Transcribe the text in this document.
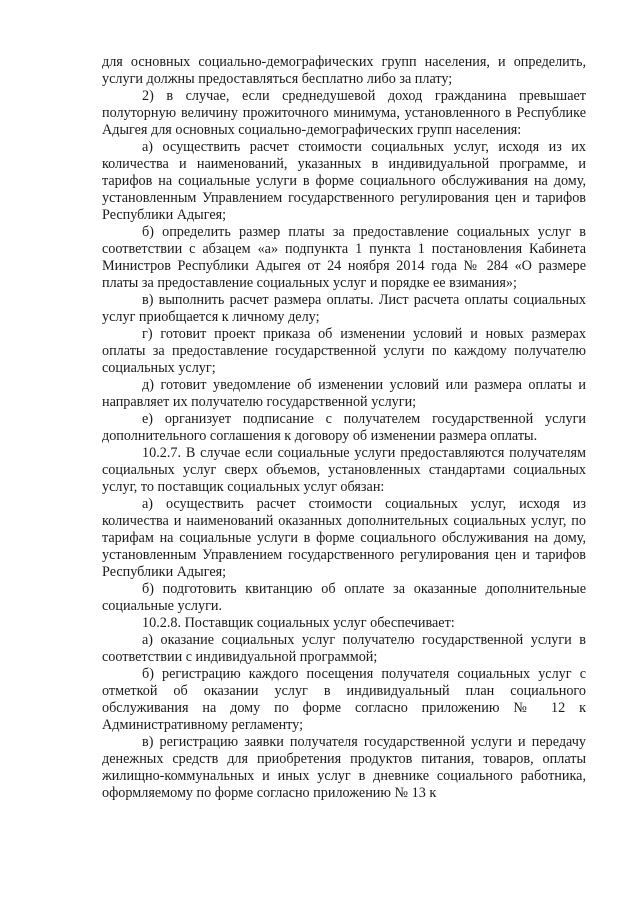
для основных социально-демографических групп населения, и определить, услуги должны предоставляться бесплатно либо за плату;

2) в случае, если среднедушевой доход гражданина превышает полуторную величину прожиточного минимума, установленного в Республике Адыгея для основных социально-демографических групп населения:

а) осуществить расчет стоимости социальных услуг, исходя из их количества и наименований, указанных в индивидуальной программе, и тарифов на социальные услуги в форме социального обслуживания на дому, установленным Управлением государственного регулирования цен и тарифов Республики Адыгея;

б) определить размер платы за предоставление социальных услуг в соответствии с абзацем «а» подпункта 1 пункта 1 постановления Кабинета Министров Республики Адыгея от 24 ноября 2014 года № 284 «О размере платы за предоставление социальных услуг и порядке ее взимания»;

в) выполнить расчет размера оплаты. Лист расчета оплаты социальных услуг приобщается к личному делу;

г) готовит проект приказа об изменении условий и новых размерах оплаты за предоставление государственной услуги по каждому получателю социальных услуг;

д) готовит уведомление об изменении условий или размера оплаты и направляет их получателю государственной услуги;

е) организует подписание с получателем государственной услуги дополнительного соглашения к договору об изменении размера оплаты.

10.2.7. В случае если социальные услуги предоставляются получателям социальных услуг сверх объемов, установленных стандартами социальных услуг, то поставщик социальных услуг обязан:

а) осуществить расчет стоимости социальных услуг, исходя из количества и наименований оказанных дополнительных социальных услуг, по тарифам на социальные услуги в форме социального обслуживания на дому, установленным Управлением государственного регулирования цен и тарифов Республики Адыгея;

б) подготовить квитанцию об оплате за оказанные дополнительные социальные услуги.

10.2.8. Поставщик социальных услуг обеспечивает:

а) оказание социальных услуг получателю государственной услуги в соответствии с индивидуальной программой;

б) регистрацию каждого посещения получателя социальных услуг с отметкой об оказании услуг в индивидуальный план социального обслуживания на дому по форме согласно приложению № 12 к Административному регламенту;

в) регистрацию заявки получателя государственной услуги и передачу денежных средств для приобретения продуктов питания, товаров, оплаты жилищно-коммунальных и иных услуг в дневнике социального работника, оформляемому по форме согласно приложению № 13 к
